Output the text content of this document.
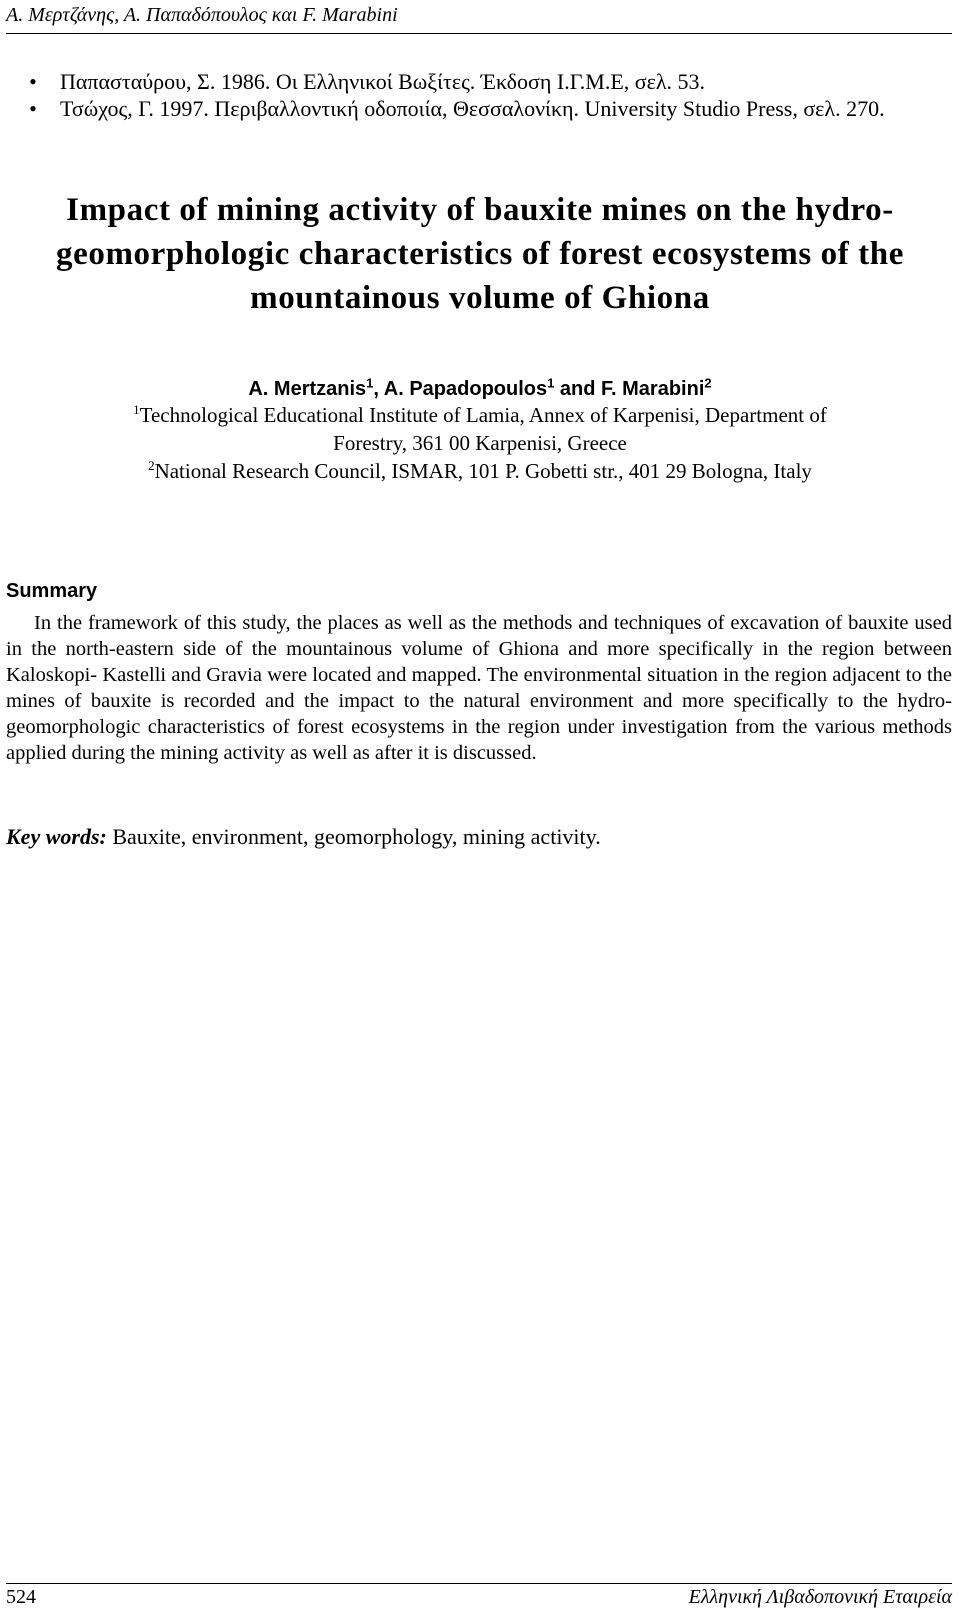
Α. Μερτζάνης, Α. Παπαδόπουλος και F. Marabini
• Παπασταύρου, Σ. 1986. Οι Ελληνικοί Βωξίτες. Έκδοση Ι.Γ.Μ.Ε, σελ. 53.
• Τσώχος, Γ. 1997. Περιβαλλοντική οδοποιία, Θεσσαλονίκη. University Studio Press, σελ. 270.
Impact of mining activity of bauxite mines on the hydro-
geomorphologic characteristics of forest ecosystems of the
mountainous volume of Ghiona
A. Mertzanis$^1$, A. Papadopoulos$^1$ and F. Marabini$^2$
$^1$Technological Educational Institute of Lamia, Annex of Karpenisi, Department of
Forestry, 361 00 Karpenisi, Greece
$^2$National Research Council, ISMAR, 101 P. Gobetti str., 401 29 Bologna, Italy
Summary

In the framework of this study, the places as well as the methods and techniques of excavation of bauxite used in the north-eastern side of the mountainous volume of Ghiona and more specifically in the region between Kaloskopi- Kastelli and Gravia were located and mapped. The environmental situation in the region adjacent to the mines of bauxite is recorded and the impact to the natural environment and more specifically to the hydro-geomorphologic characteristics of forest ecosystems in the region under investigation from the various methods applied during the mining activity as well as after it is discussed.

Key words: Bauxite, environment, geomorphology, mining activity.
524	Ελληνική Λιβαδοπονική Εταιρεία
